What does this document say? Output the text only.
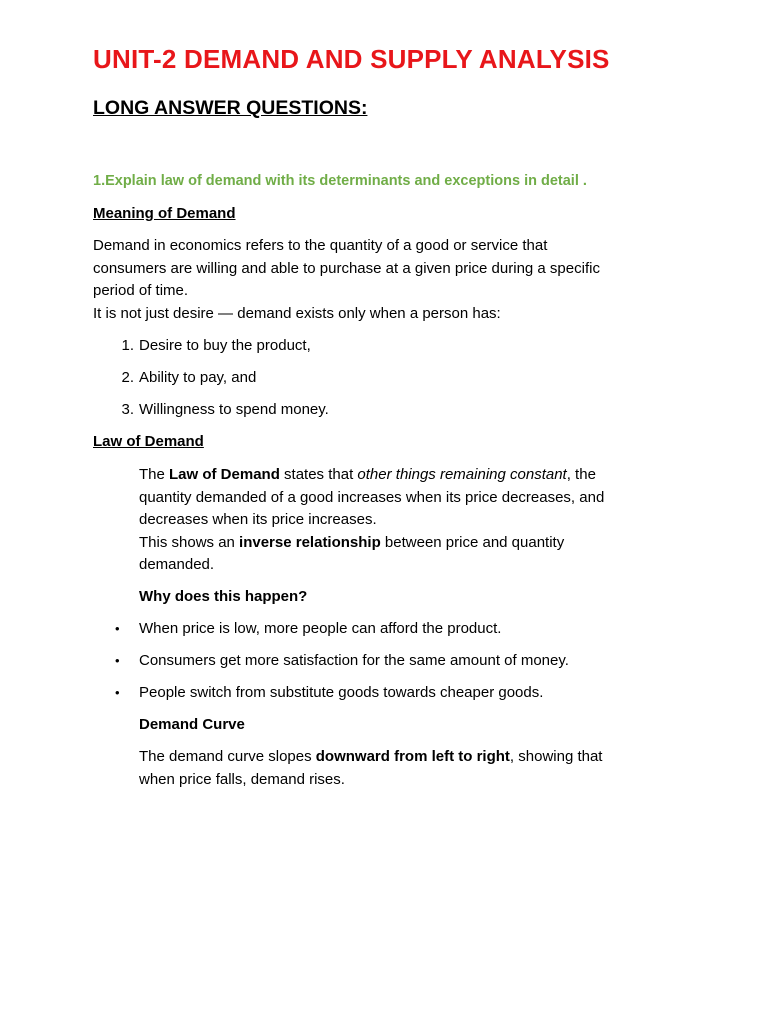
UNIT-2 DEMAND AND SUPPLY ANALYSIS
LONG ANSWER QUESTIONS:

1.Explain law of demand with its determinants and exceptions in detail .

Meaning of Demand

Demand in economics refers to the quantity of a good or service that
consumers are willing and able to purchase at a given price during a specific
period of time.
It is not just desire — demand exists only when a person has:
1. Desire to buy the product,
2. Ability to pay, and
3. Willingness to spend money.

Law of Demand

The Law of Demand states that other things remaining constant, the
quantity demanded of a good increases when its price decreases, and
decreases when its price increases.
This shows an inverse relationship between price and quantity
demanded.

Why does this happen?

• When price is low, more people can afford the product.
• Consumers get more satisfaction for the same amount of money.
• People switch from substitute goods towards cheaper goods.

Demand Curve

The demand curve slopes downward from left to right, showing that
when price falls, demand rises.
